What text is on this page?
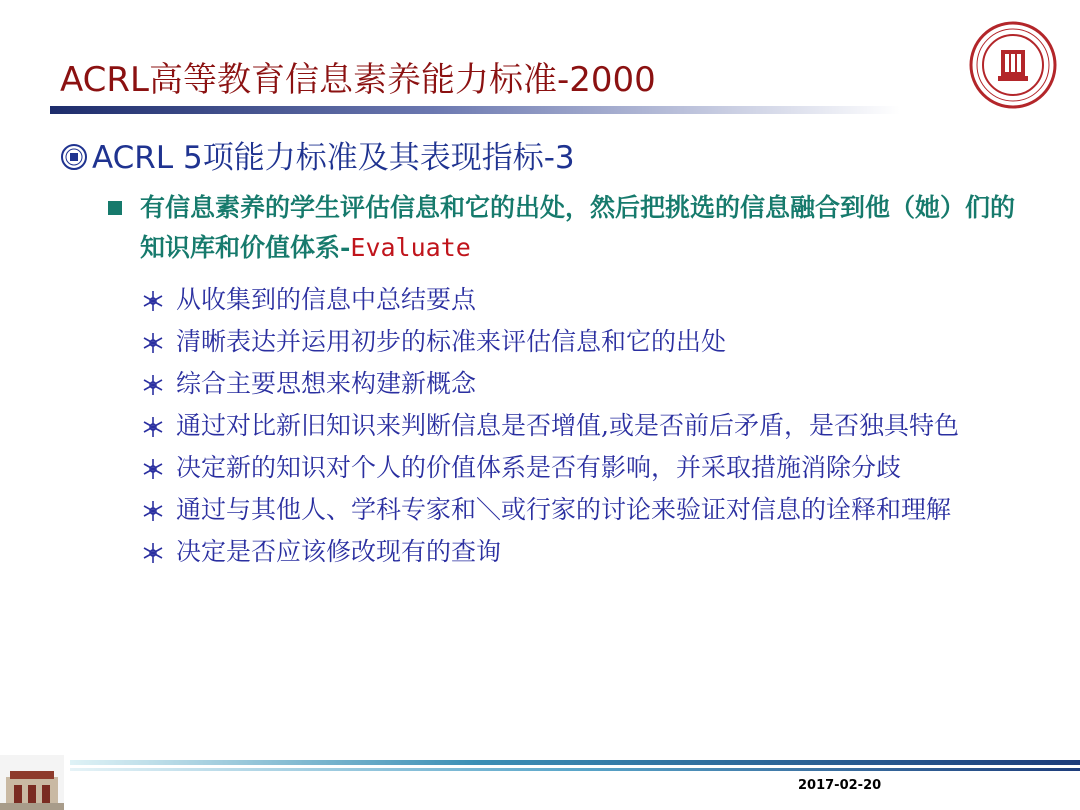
ACRL高等教育信息素养能力标准-2000
ACRL 5项能力标准及其表现指标-3
有信息素养的学生评估信息和它的出处，然后把挑选的信息融合到他（她）们的知识库和价值体系-Evaluate
从收集到的信息中总结要点
清晰表达并运用初步的标准来评估信息和它的出处
综合主要思想来构建新概念
通过对比新旧知识来判断信息是否增值,或是否前后矛盾，是否独具特色
决定新的知识对个人的价值体系是否有影响，并采取措施消除分歧
通过与其他人、学科专家和＼或行家的讨论来验证对信息的诠释和理解
决定是否应该修改现有的查询
2017-02-20
